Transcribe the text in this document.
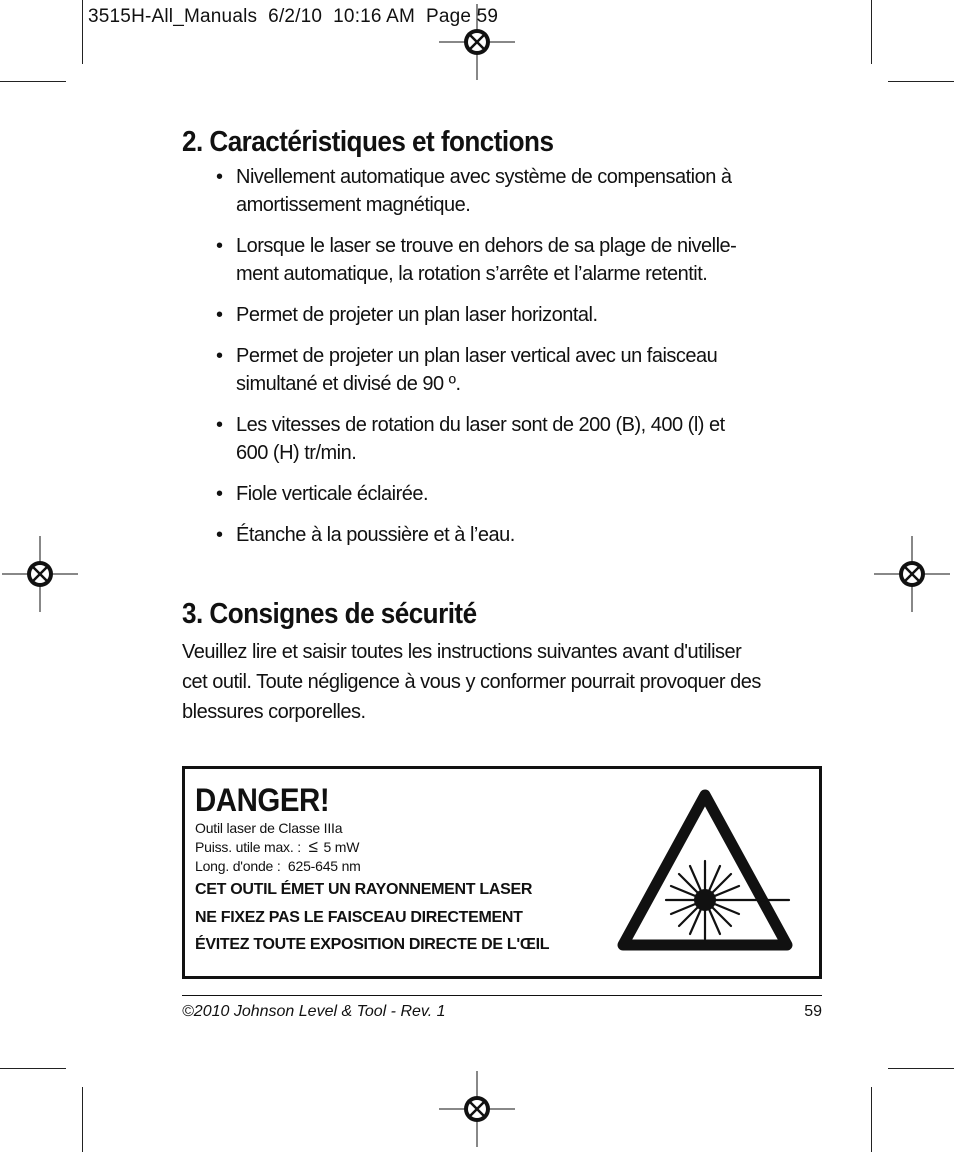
3515H-All_Manuals  6/2/10  10:16 AM  Page 59
2. Caractéristiques et fonctions
• Nivellement automatique avec système de compensation à
amortissement magnétique.
• Lorsque le laser se trouve en dehors de sa plage de nivelle-
ment automatique, la rotation s’arrête et l’alarme retentit.
• Permet de projeter un plan laser horizontal.
• Permet de projeter un plan laser vertical avec un faisceau
simultané et divisé de 90 º.
• Les vitesses de rotation du laser sont de 200 (B), 400 (l) et
600 (H) tr/min.
• Fiole verticale éclairée.
• Étanche à la poussière et à l’eau.
3. Consignes de sécurité

Veuillez lire et saisir toutes les instructions suivantes avant d'utiliser
cet outil. Toute négligence à vous y conformer pourrait provoquer des
blessures corporelles.

DANGER!
Outil laser de Classe IIIa
Puiss. utile max. : ≤ 5 mW
Long. d'onde : 625-645 nm
CET OUTIL ÉMET UN RAYONNEMENT LASER
NE FIXEZ PAS LE FAISCEAU DIRECTEMENT
ÉVITEZ TOUTE EXPOSITION DIRECTE DE L'ŒIL
©2010 Johnson Level & Tool - Rev. 1	59
